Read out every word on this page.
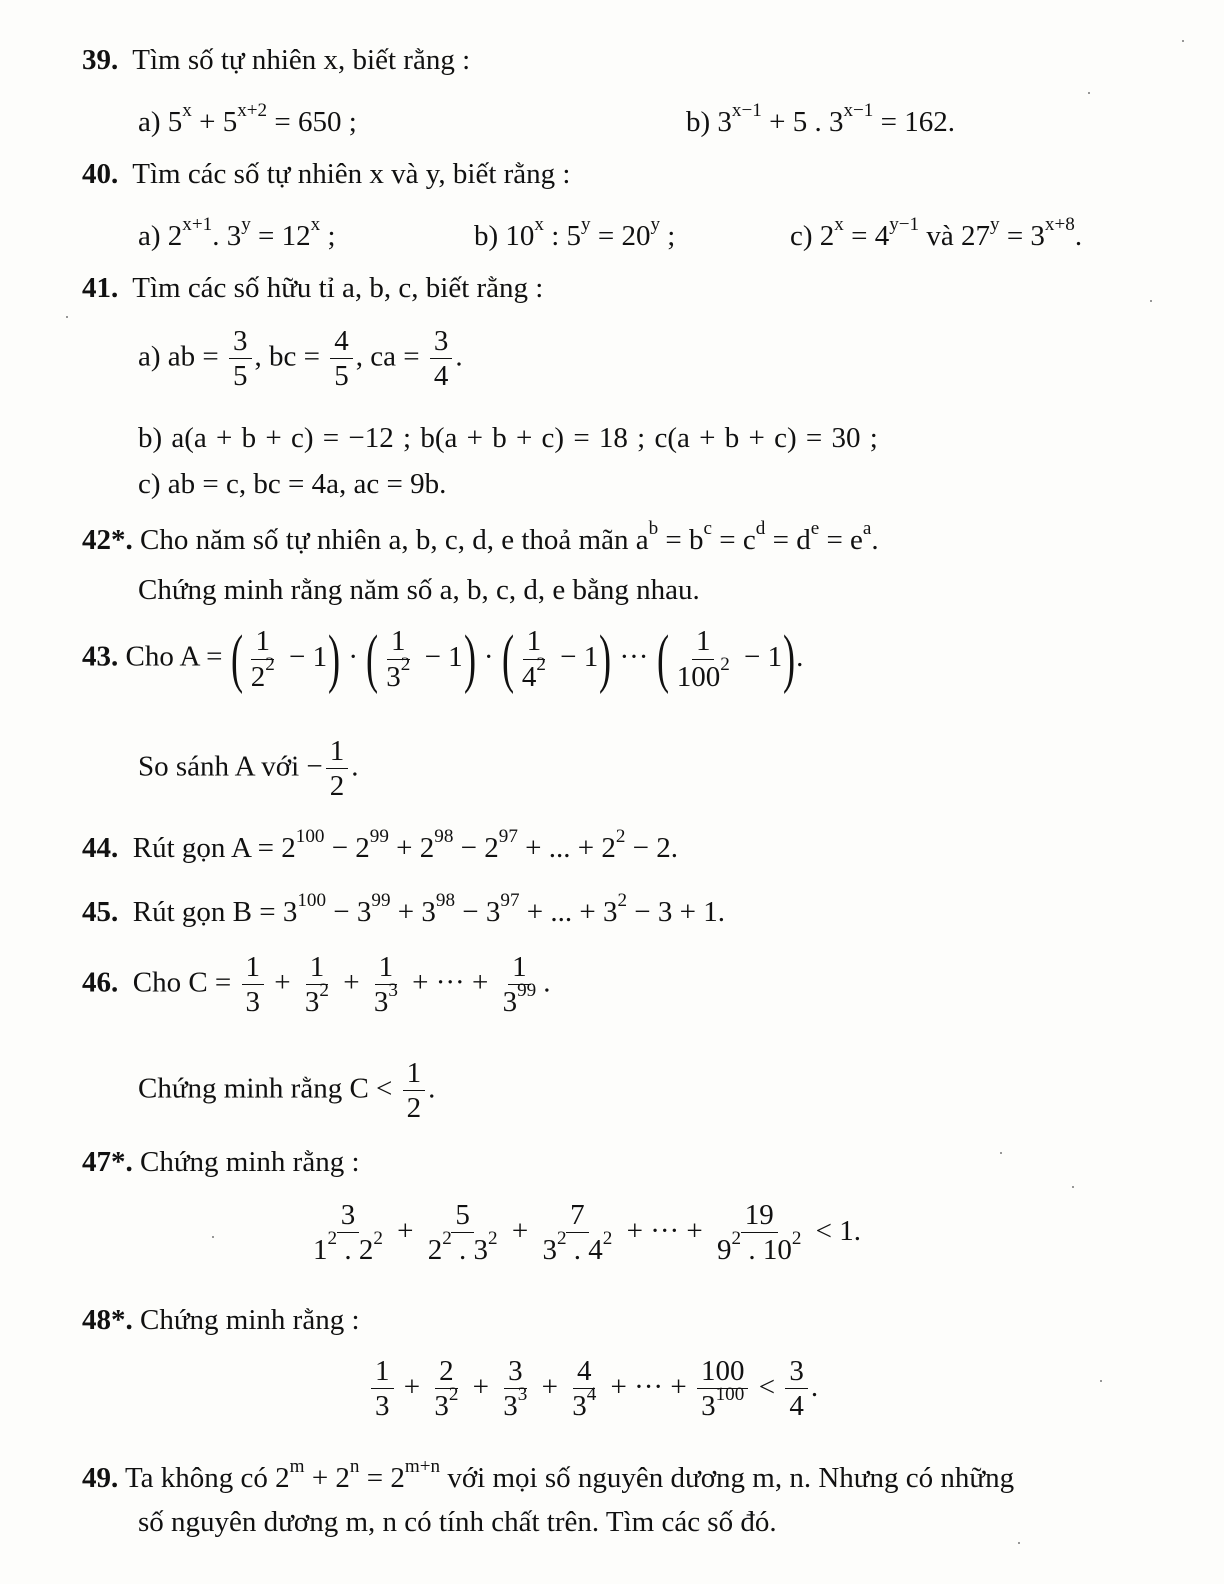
39. Tìm số tự nhiên x, biết rằng :
a) $5^x + 5^{x+2} = 650$ ;	b) $3^{x-1} + 5$ . $3^{x-1} = 162$.
40. Tìm các số tự nhiên x và y, biết rằng :
a) $2^{x+1}$. $3^y = 12^x$ ;	b) 10$^x$ : $5^y = 20^y$ ;	c) $2^x = 4^{y-1}$ và $27^y = 3^{x+8}$.
41. Tìm các số hữu tỉ a, b, c, biết rằng :
a) ab = $\frac{3}{5}$ , bc = $\frac{4}{5}$ , ca = $\frac{3}{4}$ .
b) a(a + b + c) = −12 ; b(a + b + c) = 18 ; c(a + b + c) = 30 ;
c) ab = c, bc = 4a, ac = 9b.
42*. Cho năm số tự nhiên a, b, c, d, e thoả mãn $a^b = b^c = c^d = d^e = e^a$.
Chứng minh rằng năm số a, b, c, d, e bằng nhau.
43. Cho A = ( $\frac{1}{2^2} - 1$) · ( $\frac{1}{3^2} - 1$) · ( $\frac{1}{4^2} - 1$) ··· ( $\frac{1}{100^2} - 1$).
So sánh A với − $\frac{1}{2}$ .
44. Rút gọn $A = 2^{100} - 2^{99} + 2^{98} - 2^{97}$ + ... + $2^2 - 2$.
45. Rút gọn $B = 3^{100} - 3^{99} + 3^{98} - 3^{97}$ + ... + $3^2 - 3 + 1$.
46. Cho $C = \frac{1}{3} + \frac{1}{3^2} + \frac{1}{3^3}$ + ··· + $\frac{1}{3^{99}}$ .
Chứng minh rằng $C < \frac{1}{2}$ .
47*. Chứng minh rằng :
$\frac{3}{1^2 . 2^2} + \frac{5}{2^2 . 3^2} + \frac{7}{3^2 . 4^2}$ + ··· + $\frac{19}{9^2 . 10^2} < 1$.
48*. Chứng minh rằng :
$\frac{1}{3} + \frac{2}{3^2} + \frac{3}{3^3} + \frac{4}{3^4}$ + ··· + $\frac{100}{3^{100}} < \frac{3}{4}$ .
49. Ta không có $2^m + 2^n = 2^{m+n}$ với mọi số nguyên dương m, n. Nhưng có những
số nguyên dương m, n có tính chất trên. Tìm các số đó.
